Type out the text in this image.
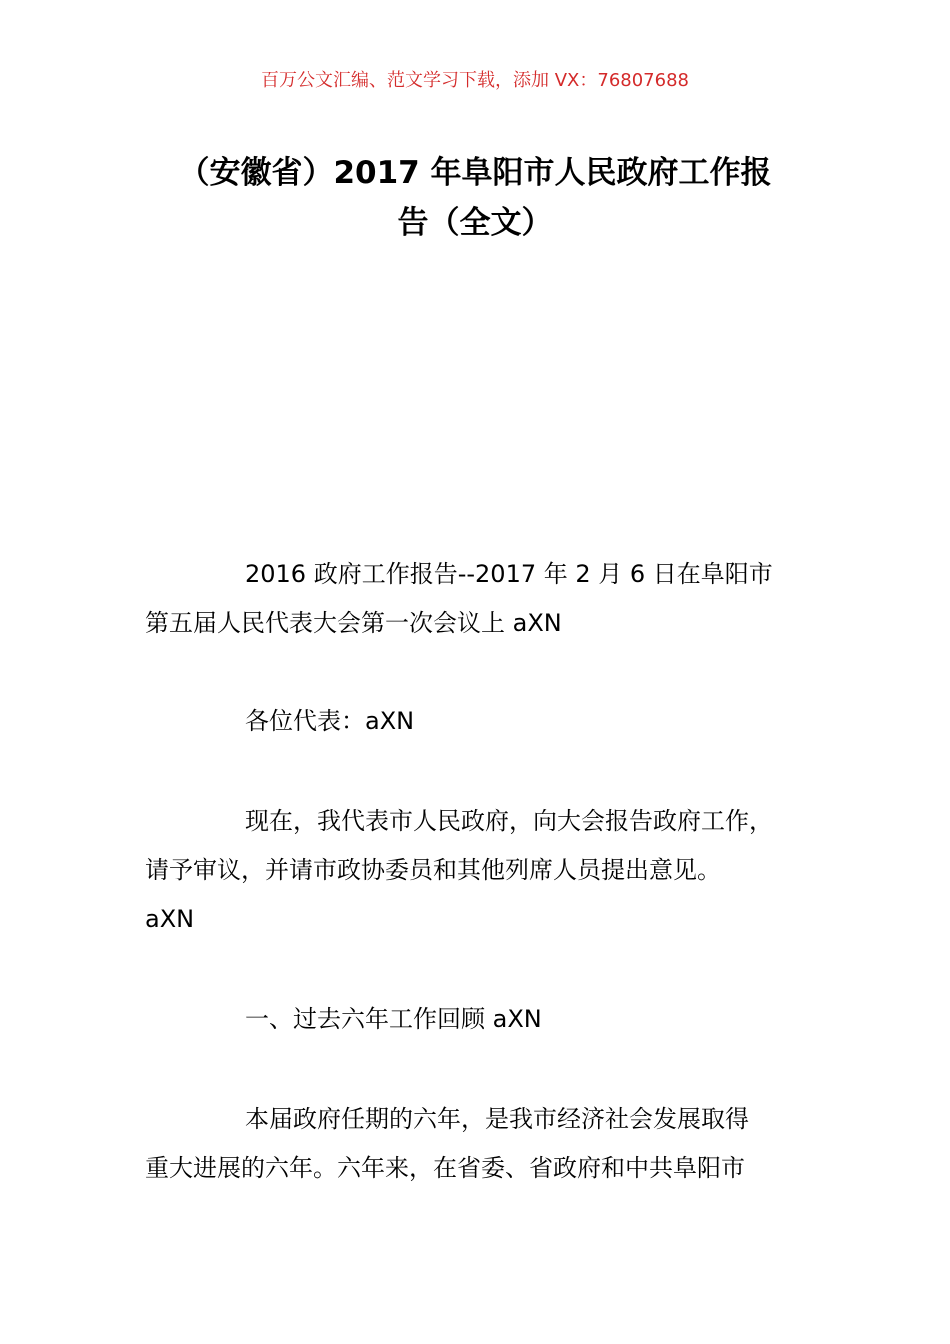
百万公文汇编、范文学习下载，添加 VX：76807688
（安徽省）2017 年阜阳市人民政府工作报
告（全文）
2016 政府工作报告--2017 年 2 月 6 日在阜阳市
第五届人民代表大会第一次会议上 aXN
各位代表：aXN
现在，我代表市人民政府，向大会报告政府工作，
请予审议，并请市政协委员和其他列席人员提出意见。
aXN
一、过去六年工作回顾 aXN
本届政府任期的六年，是我市经济社会发展取得
重大进展的六年。六年来，在省委、省政府和中共阜阳市
